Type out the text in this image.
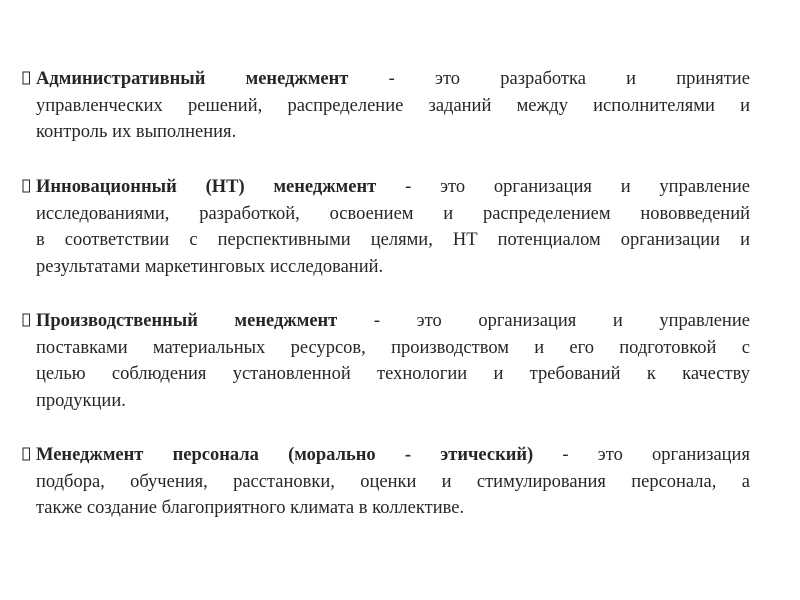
Административный менеджмент - это разработка и принятие
управленческих решений, распределение заданий между исполнителями и
контроль их выполнения.
Инновационный (НТ) менеджмент - это организация и управление
исследованиями, разработкой, освоением и распределением нововведений
в соответствии с перспективными целями, НТ потенциалом организации и
результатами маркетинговых исследований.
Производственный менеджмент - это организация и управление
поставками материальных ресурсов, производством и его подготовкой с
целью соблюдения установленной технологии и требований к качеству
продукции.
Менеджмент персонала (морально - этический) - это организация
подбора, обучения, расстановки, оценки и стимулирования персонала, а
также создание благоприятного климата в коллективе.
